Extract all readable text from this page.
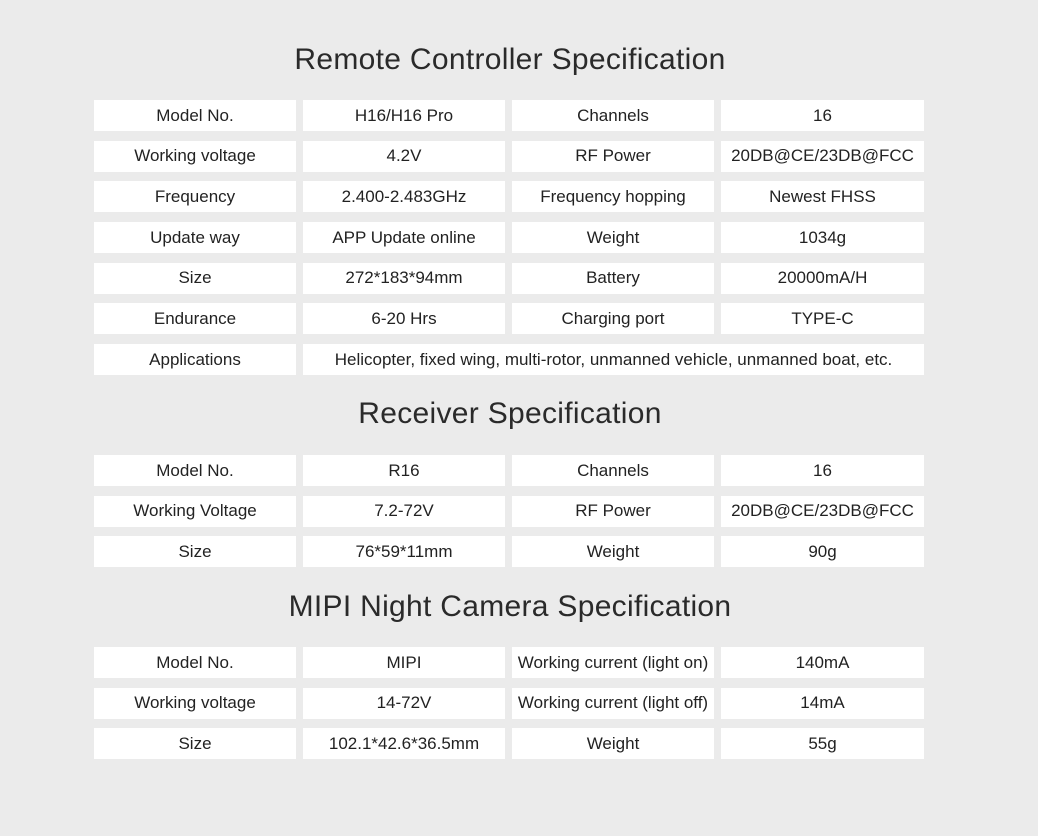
Remote Controller Specification
Model No.	H16/H16 Pro	Channels	16
Working voltage	4.2V	RF Power	20DB@CE/23DB@FCC
Frequency	2.400-2.483GHz	Frequency hopping	Newest FHSS
Update way	APP Update online	Weight	1034g
Size	272*183*94mm	Battery	20000mA/H
Endurance	6-20 Hrs	Charging port	TYPE-C
Applications	Helicopter, fixed wing, multi-rotor, unmanned vehicle, unmanned boat, etc.
Receiver Specification
Model No.	R16	Channels	16
Working Voltage	7.2-72V	RF Power	20DB@CE/23DB@FCC
Size	76*59*11mm	Weight	90g
MIPI Night Camera Specification
Model No.	MIPI	Working current (light on)	140mA
Working voltage	14-72V	Working current (light off)	14mA
Size	102.1*42.6*36.5mm	Weight	55g
